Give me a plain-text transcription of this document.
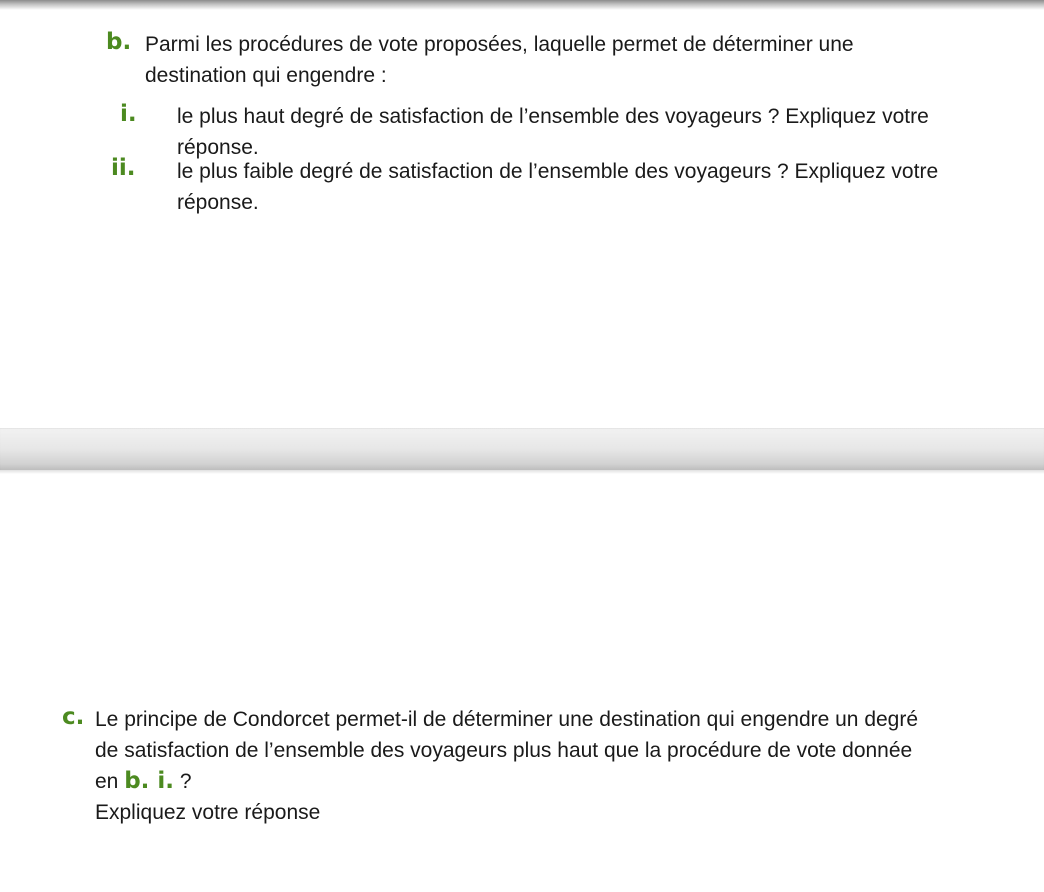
b. Parmi les procédures de vote proposées, laquelle permet de déterminer une
destination qui engendre :
i. le plus haut degré de satisfaction de l’ensemble des voyageurs ? Expliquez votre
réponse.
ii. le plus faible degré de satisfaction de l’ensemble des voyageurs ? Expliquez votre
réponse.
c. Le principe de Condorcet permet-il de déterminer une destination qui engendre un degré
de satisfaction de l’ensemble des voyageurs plus haut que la procédure de vote donnée
en b. i. ?
Expliquez votre réponse
